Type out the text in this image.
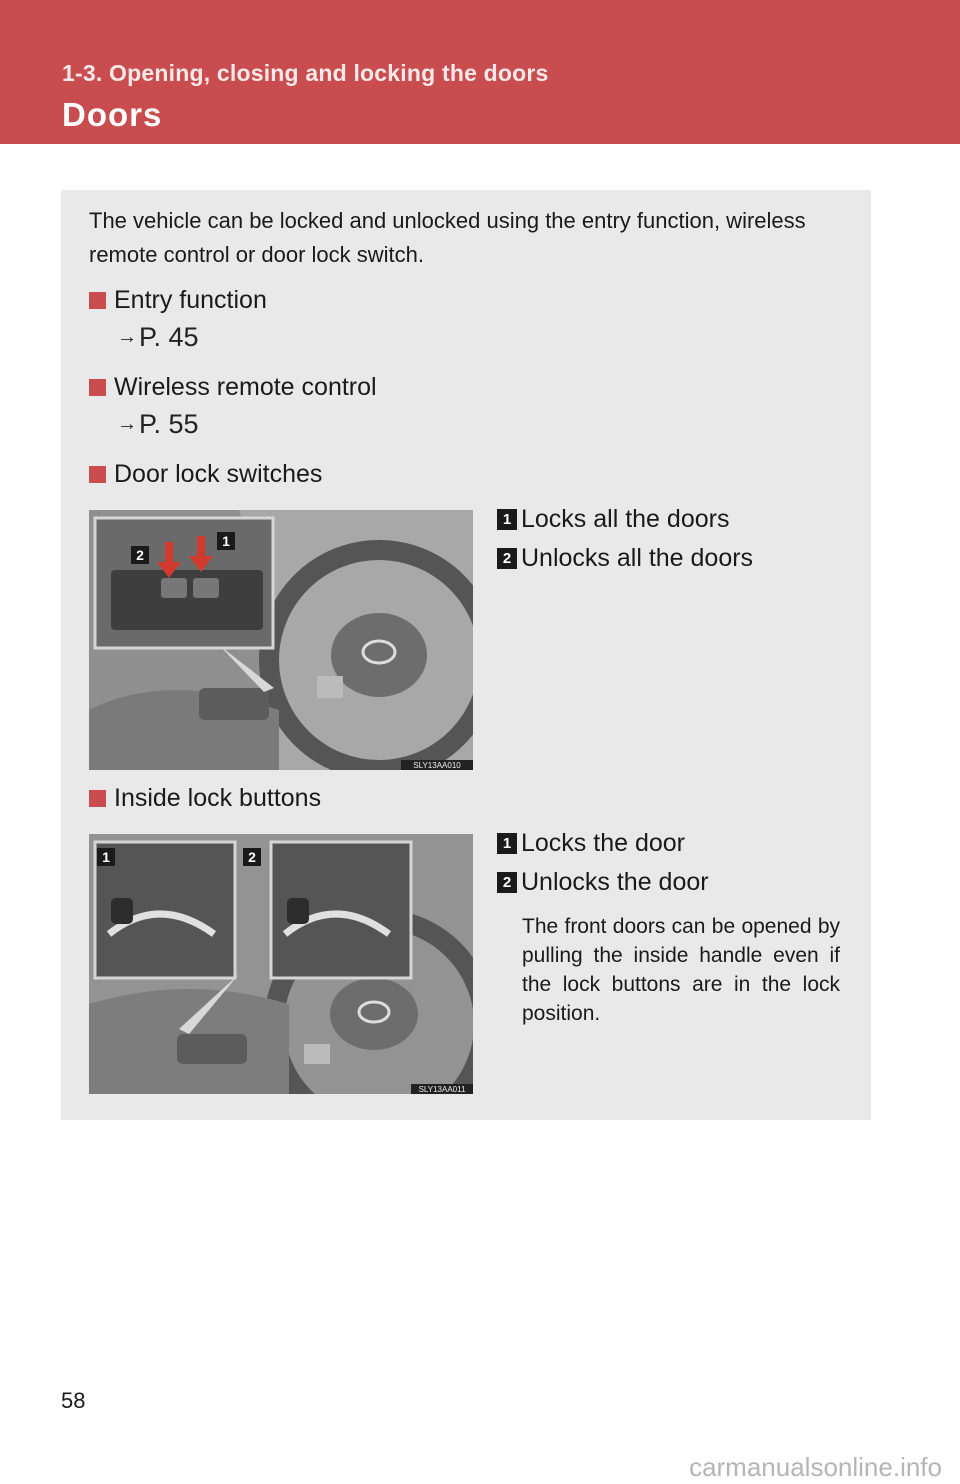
1-3. Opening, closing and locking the doors
Doors
The vehicle can be locked and unlocked using the entry function, wireless remote control or door lock switch.
Entry function
→ P. 45
Wireless remote control
→ P. 55
Door lock switches
2
1
SLY13AA010
1 Locks all the doors
2 Unlocks all the doors
Inside lock buttons
1	2
SLY13AA011
1 Locks the door
2 Unlocks the door
The front doors can be opened by pulling the inside handle even if the lock buttons are in the lock position.
58
carmanualsonline.info
